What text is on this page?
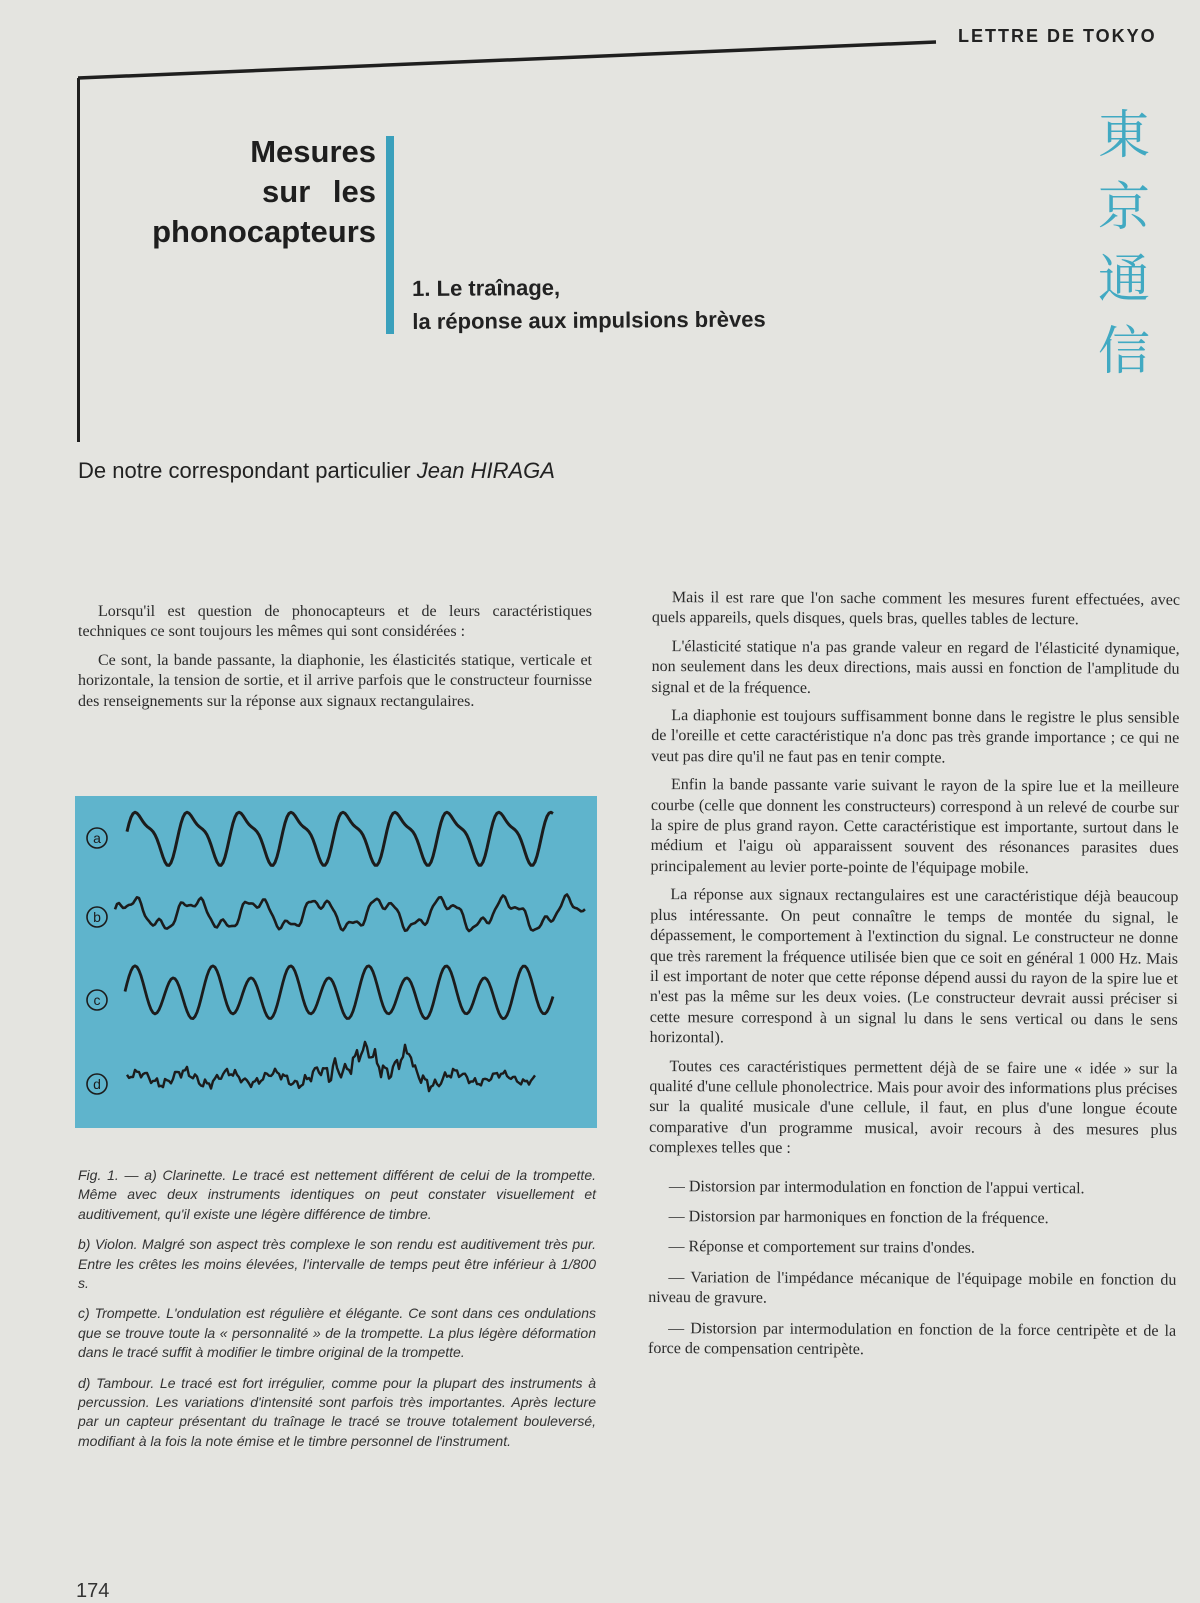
LETTRE DE TOKYO
Mesures
sur les
phonocapteurs
1. Le traînage,
la réponse aux impulsions brèves
東
京
通
信
De notre correspondant particulier Jean HIRAGA

Lorsqu'il est question de phonocapteurs et de leurs caractéristiques techniques ce sont toujours les mêmes qui sont considérées :

Ce sont, la bande passante, la diaphonie, les élasticités statique, verticale et horizontale, la tension de sortie, et il arrive parfois que le constructeur fournisse des renseignements sur la réponse aux signaux rectangulaires.

a
b
c
d

Fig. 1. — a) Clarinette. Le tracé est nettement différent de celui de la trompette. Même avec deux instruments identiques on peut constater visuellement et auditivement, qu'il existe une légère différence de timbre.

b) Violon. Malgré son aspect très complexe le son rendu est auditivement très pur. Entre les crêtes les moins élevées, l'intervalle de temps peut être inférieur à 1/800 s.

c) Trompette. L'ondulation est régulière et élégante. Ce sont dans ces ondulations que se trouve toute la « personnalité » de la trompette. La plus légère déformation dans le tracé suffit à modifier le timbre original de la trompette.

d) Tambour. Le tracé est fort irrégulier, comme pour la plupart des instruments à percussion. Les variations d'intensité sont parfois très importantes. Après lecture par un capteur présentant du traînage le tracé se trouve totalement bouleversé, modifiant à la fois la note émise et le timbre personnel de l'instrument.

Mais il est rare que l'on sache comment les mesures furent effectuées, avec quels appareils, quels disques, quels bras, quelles tables de lecture.

L'élasticité statique n'a pas grande valeur en regard de l'élasticité dynamique, non seulement dans les deux directions, mais aussi en fonction de l'amplitude du signal et de la fréquence.

La diaphonie est toujours suffisamment bonne dans le registre le plus sensible de l'oreille et cette caractéristique n'a donc pas très grande importance ; ce qui ne veut pas dire qu'il ne faut pas en tenir compte.

Enfin la bande passante varie suivant le rayon de la spire lue et la meilleure courbe (celle que donnent les constructeurs) correspond à un relevé de courbe sur la spire de plus grand rayon. Cette caractéristique est importante, surtout dans le médium et l'aigu où apparaissent souvent des résonances parasites dues principalement au levier porte-pointe de l'équipage mobile.

La réponse aux signaux rectangulaires est une caractéristique déjà beaucoup plus intéressante. On peut connaître le temps de montée du signal, le dépassement, le comportement à l'extinction du signal. Le constructeur ne donne que très rarement la fréquence utilisée bien que ce soit en général 1 000 Hz. Mais il est important de noter que cette réponse dépend aussi du rayon de la spire lue et n'est pas la même sur les deux voies. (Le constructeur devrait aussi préciser si cette mesure correspond à un signal lu dans le sens vertical ou dans le sens horizontal).

Toutes ces caractéristiques permettent déjà de se faire une « idée » sur la qualité d'une cellule phonolectrice. Mais pour avoir des informations plus précises sur la qualité musicale d'une cellule, il faut, en plus d'une longue écoute comparative d'un programme musical, avoir recours à des mesures plus complexes telles que :

— Distorsion par intermodulation en fonction de l'appui vertical.

— Distorsion par harmoniques en fonction de la fréquence.

— Réponse et comportement sur trains d'ondes.

— Variation de l'impédance mécanique de l'équipage mobile en fonction du niveau de gravure.

— Distorsion par intermodulation en fonction de la force centripète et de la force de compensation centripète.

174
